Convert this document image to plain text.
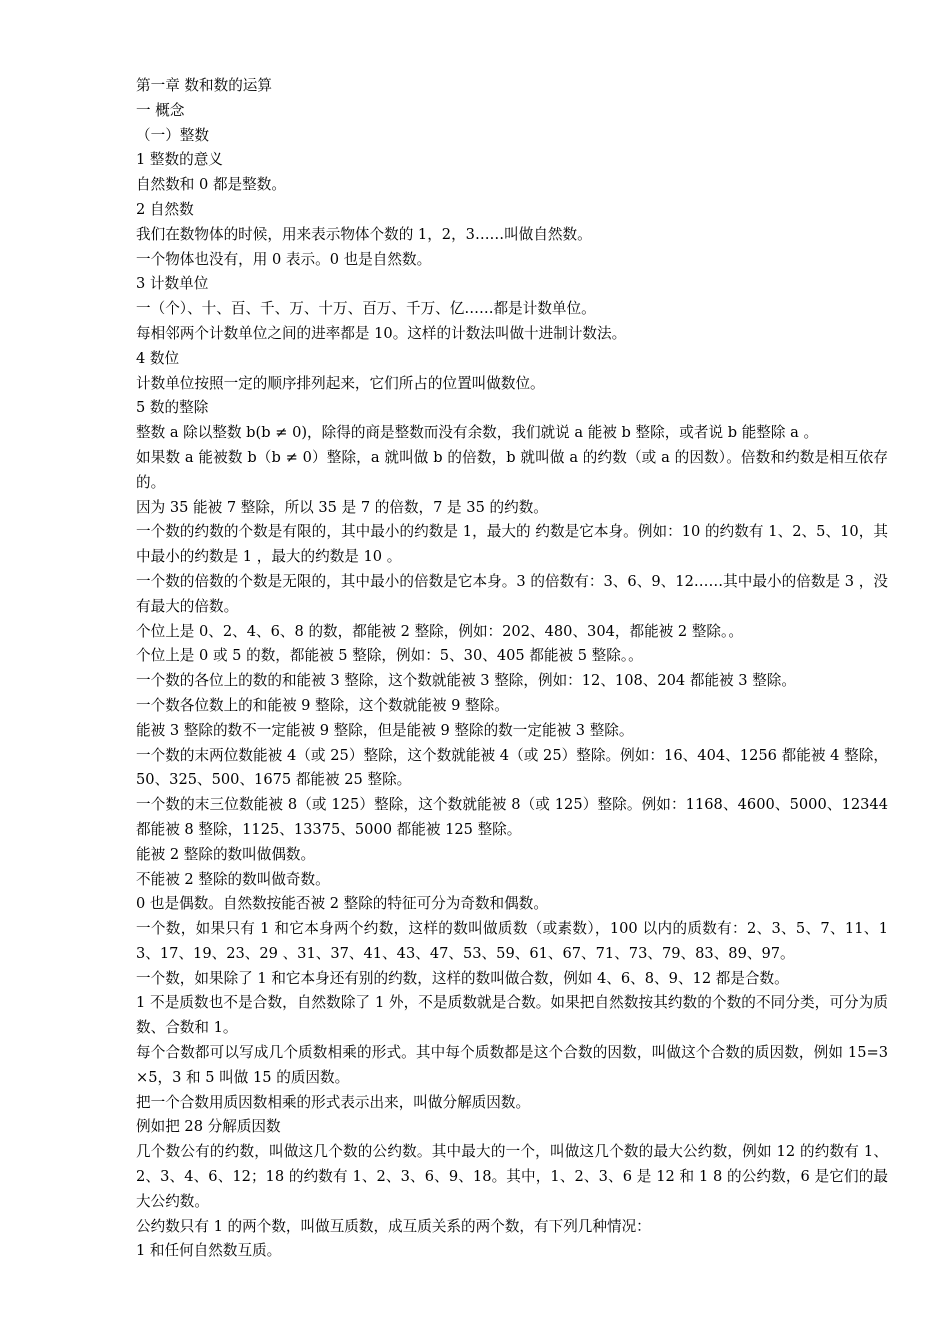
第一章 数和数的运算

一 概念

（一）整数

1 整数的意义

自然数和 0 都是整数。

2 自然数

我们在数物体的时候，用来表示物体个数的 1，2，3……叫做自然数。

一个物体也没有，用 0 表示。0 也是自然数。

3 计数单位

一（个）、十、百、千、万、十万、百万、千万、亿……都是计数单位。

每相邻两个计数单位之间的进率都是 10。这样的计数法叫做十进制计数法。

4 数位

计数单位按照一定的顺序排列起来，它们所占的位置叫做数位。

5 数的整除

整数 a 除以整数 b(b ≠ 0)，除得的商是整数而没有余数，我们就说 a 能被 b 整除，或者说 b 能整除 a 。

如果数 a 能被数 b（b ≠ 0）整除，a 就叫做 b 的倍数，b 就叫做 a 的约数（或 a 的因数）。倍数和约数是相互依存的。

因为 35 能被 7 整除，所以 35 是 7 的倍数，7 是 35 的约数。

一个数的约数的个数是有限的，其中最小的约数是 1，最大的 约数是它本身。例如：10 的约数有 1、2、5、10，其中最小的约数是 1 ，最大的约数是 10 。

一个数的倍数的个数是无限的，其中最小的倍数是它本身。3 的倍数有：3、6、9、12……其中最小的倍数是 3 ，没有最大的倍数。

个位上是 0、2、4、6、8 的数，都能被 2 整除，例如：202、480、304，都能被 2 整除。。

个位上是 0 或 5 的数，都能被 5 整除，例如：5、30、405 都能被 5 整除。。

一个数的各位上的数的和能被 3 整除，这个数就能被 3 整除，例如：12、108、204 都能被 3 整除。

一个数各位数上的和能被 9 整除，这个数就能被 9 整除。

能被 3 整除的数不一定能被 9 整除，但是能被 9 整除的数一定能被 3 整除。

一个数的末两位数能被 4（或 25）整除，这个数就能被 4（或 25）整除。例如：16、404、1256 都能被 4 整除，50、325、500、1675 都能被 25 整除。

一个数的末三位数能被 8（或 125）整除，这个数就能被 8（或 125）整除。例如：1168、4600、5000、12344 都能被 8 整除，1125、13375、5000 都能被 125 整除。

能被 2 整除的数叫做偶数。

不能被 2 整除的数叫做奇数。

0 也是偶数。自然数按能否被 2 整除的特征可分为奇数和偶数。

一个数，如果只有 1 和它本身两个约数，这样的数叫做质数（或素数），100 以内的质数有：2、3、5、7、11、13、17、19、23、29 、31、37、41、43、47、53、59、61、67、71、73、79、83、89、97。

一个数，如果除了 1 和它本身还有别的约数，这样的数叫做合数，例如 4、6、8、9、12 都是合数。

1 不是质数也不是合数，自然数除了 1 外，不是质数就是合数。如果把自然数按其约数的个数的不同分类，可分为质数、合数和 1。

每个合数都可以写成几个质数相乘的形式。其中每个质数都是这个合数的因数，叫做这个合数的质因数，例如 15=3×5，3 和 5 叫做 15 的质因数。

把一个合数用质因数相乘的形式表示出来，叫做分解质因数。

例如把 28 分解质因数

几个数公有的约数，叫做这几个数的公约数。其中最大的一个，叫做这几个数的最大公约数，例如 12 的约数有 1、2、3、4、6、12；18 的约数有 1、2、3、6、9、18。其中，1、2、3、6 是 12 和 1 8 的公约数，6 是它们的最大公约数。

公约数只有 1 的两个数，叫做互质数，成互质关系的两个数，有下列几种情况：

1 和任何自然数互质。
